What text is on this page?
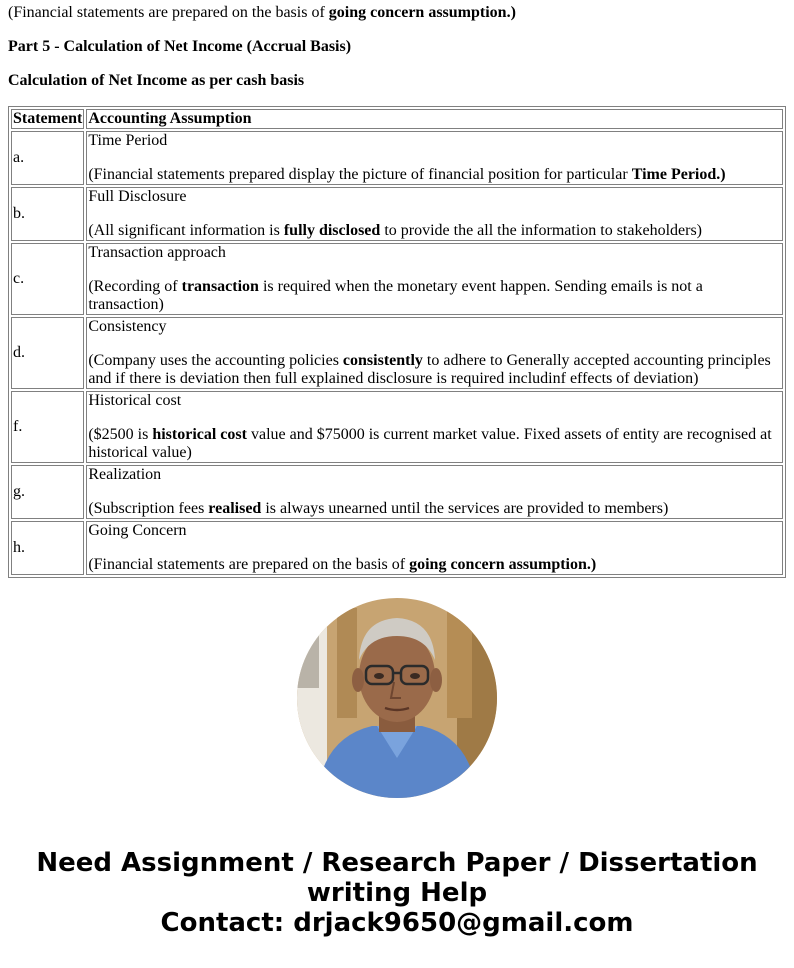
(Financial statements are prepared on the basis of going concern assumption.)

Part 5 - Calculation of Net Income (Accrual Basis)

Calculation of Net Income as per cash basis

Statement	Accounting Assumption
a.	Time Period

(Financial statements prepared display the picture of financial position for particular Time Period.)

b.	Full Disclosure

(All significant information is fully disclosed to provide the all the information to stakeholders)

c.	Transaction approach

(Recording of transaction is required when the monetary event happen. Sending emails is not a transaction)

d.	Consistency

(Company uses the accounting policies consistently to adhere to Generally accepted accounting principles and if there is deviation then full explained disclosure is required includinf effects of deviation)

f.	Historical cost

($2500 is historical cost value and $75000 is current market value. Fixed assets of entity are recognised at historical value)

g.	Realization

(Subscription fees realised is always unearned until the services are provided to members)

h.	Going Concern

(Financial statements are prepared on the basis of going concern assumption.)

Need Assignment / Research Paper / Dissertation
writing Help
Contact: drjack9650@gmail.com
